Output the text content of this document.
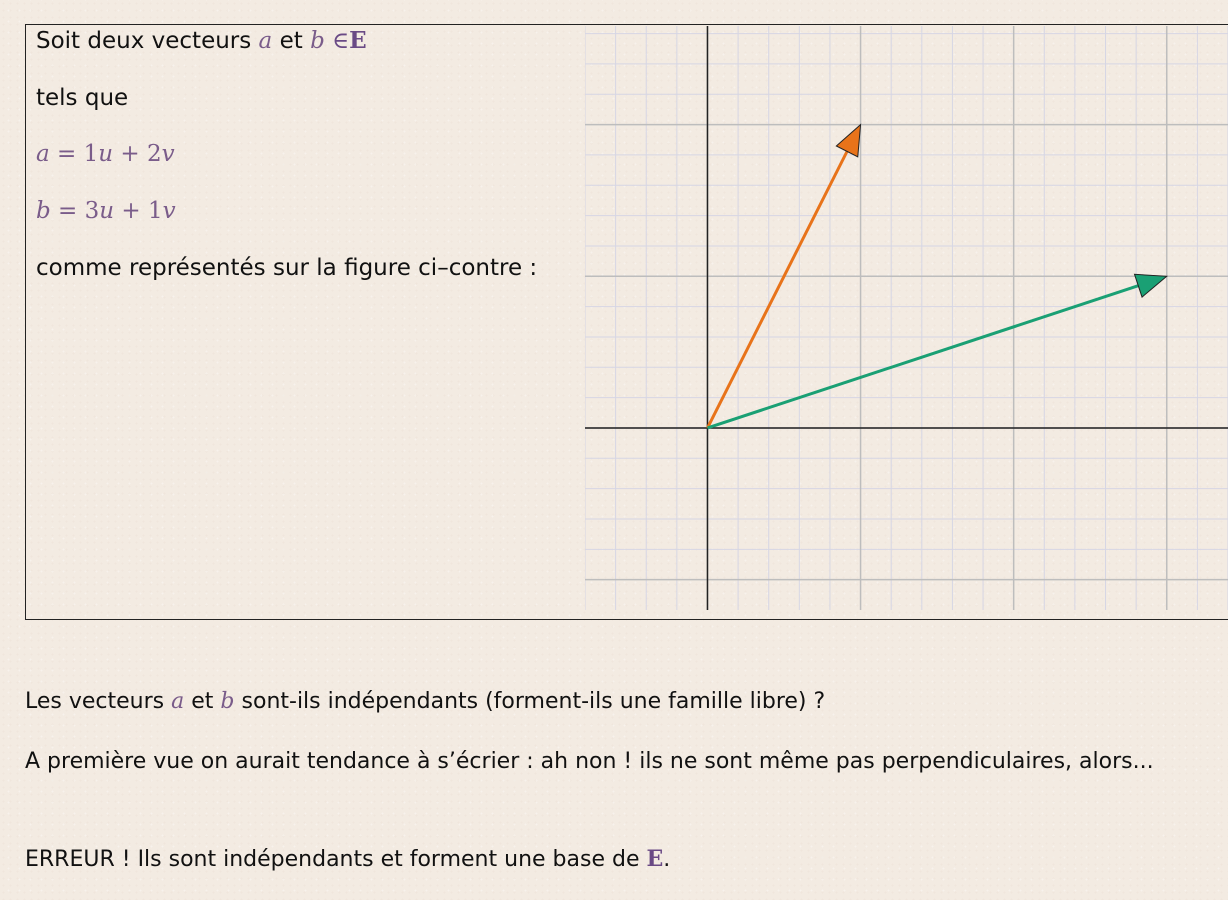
Soit deux vecteurs a et b ∈E
tels que
a = 1u + 2v
b = 3u + 1v
comme représentés sur la figure ci–contre :
Les vecteurs a et b sont-ils indépendants (forment-ils une famille libre) ?
A première vue on aurait tendance à s’écrier : ah non ! ils ne sont même pas perpendiculaires, alors...
ERREUR ! Ils sont indépendants et forment une base de E.
